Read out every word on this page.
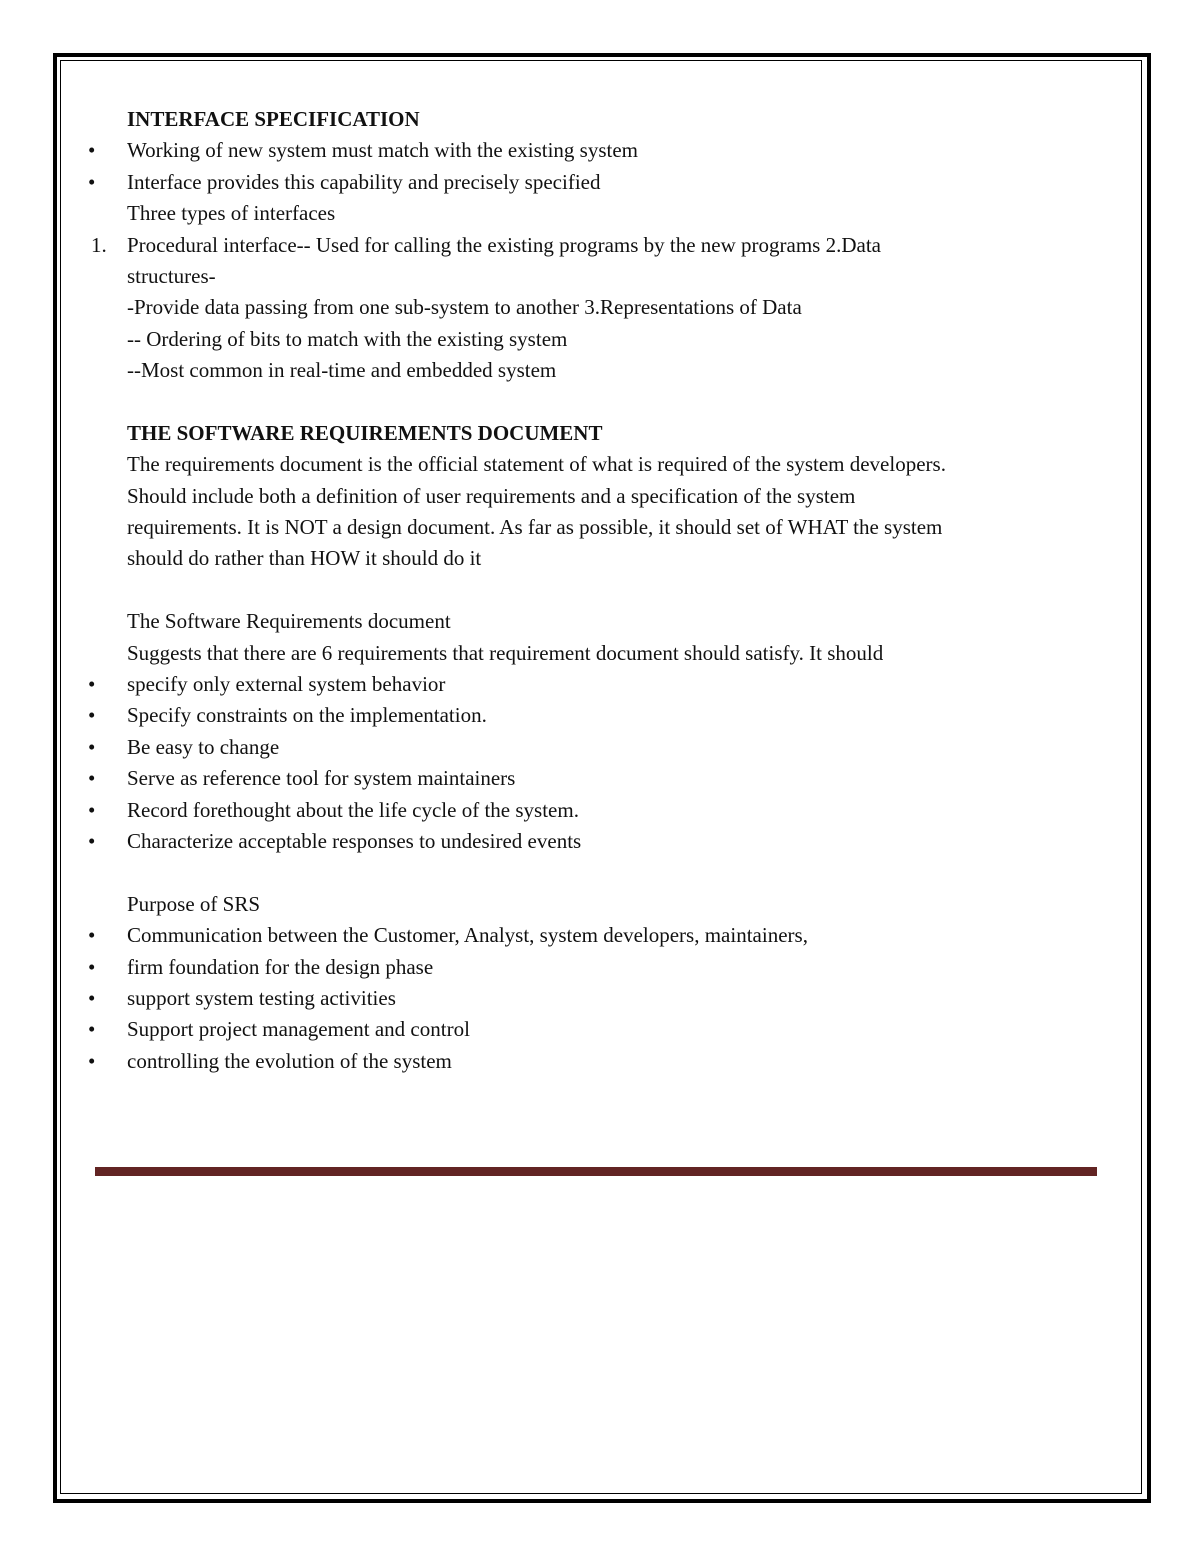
INTERFACE SPECIFICATION
•	Working of new system must match with the existing system
•	Interface provides this capability and precisely specified
Three types of interfaces
1. Procedural interface-- Used for calling the existing programs by the new programs 2.Data
structures-
-Provide data passing from one sub-system to another 3.Representations of Data
-- Ordering of bits to match with the existing system
--Most common in real-time and embedded system
THE SOFTWARE REQUIREMENTS DOCUMENT
The requirements document is the official statement of what is required of the system developers.
Should include both a definition of user requirements and a specification of the system
requirements. It is NOT a design document. As far as possible, it should set of WHAT the system
should do rather than HOW it should do it
The Software Requirements document
Suggests that there are 6 requirements that requirement document should satisfy. It should
•	specify only external system behavior
•	Specify constraints on the implementation.
•	Be easy to change
•	Serve as reference tool for system maintainers
•	Record forethought about the life cycle of the system.
•	Characterize acceptable responses to undesired events
Purpose of SRS
•	Communication between the Customer, Analyst, system developers, maintainers,
•	firm foundation for the design phase
•	support system testing activities
•	Support project management and control
•	controlling the evolution of the system
